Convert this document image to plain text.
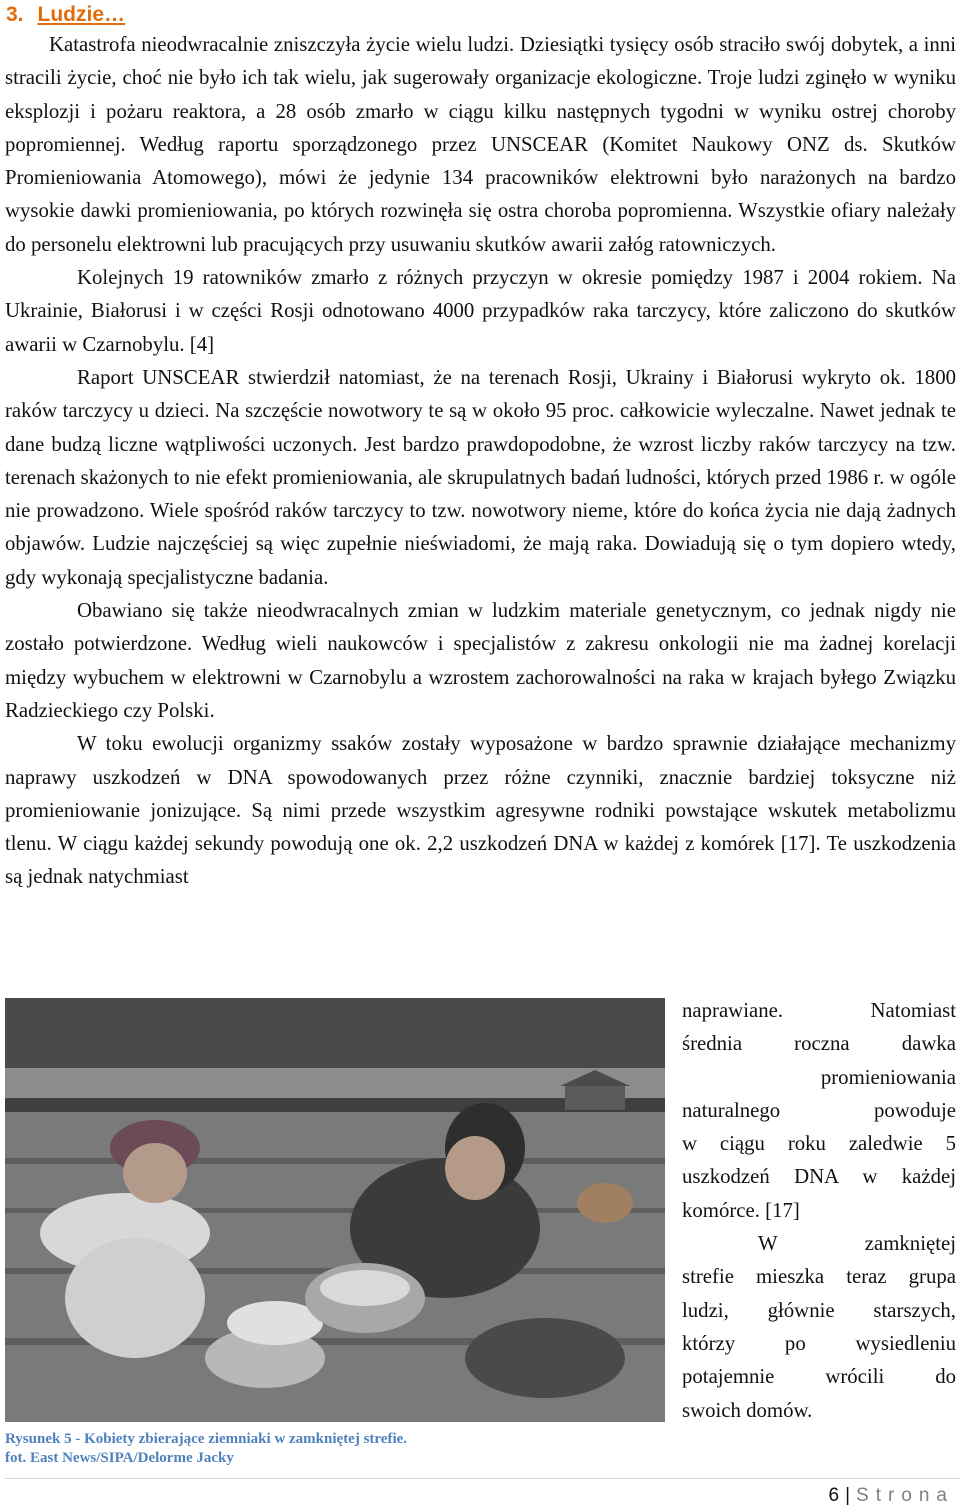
3. Ludzie…

Katastrofa nieodwracalnie zniszczyła życie wielu ludzi. Dziesiątki tysięcy osób straciło swój dobytek, a inni stracili życie, choć nie było ich tak wielu, jak sugerowały organizacje ekologiczne. Troje ludzi zginęło w wyniku eksplozji i pożaru reaktora, a 28 osób zmarło w ciągu kilku następnych tygodni w wyniku ostrej choroby popromiennej. Według raportu sporządzonego przez UNSCEAR (Komitet Naukowy ONZ ds. Skutków Promieniowania Atomowego), mówi że jedynie 134 pracowników elektrowni było narażonych na bardzo wysokie dawki promieniowania, po których rozwinęła się ostra choroba popromienna. Wszystkie ofiary należały do personelu elektrowni lub pracujących przy usuwaniu skutków awarii załóg ratowniczych.

Kolejnych 19 ratowników zmarło z różnych przyczyn w okresie pomiędzy 1987 i 2004 rokiem. Na Ukrainie, Białorusi i w części Rosji odnotowano 4000 przypadków raka tarczycy, które zaliczono do skutków awarii w Czarnobylu. [4]

Raport UNSCEAR stwierdził natomiast, że na terenach Rosji, Ukrainy i Białorusi wykryto ok. 1800 raków tarczycy u dzieci. Na szczęście nowotwory te są w około 95 proc. całkowicie wyleczalne. Nawet jednak te dane budzą liczne wątpliwości uczonych. Jest bardzo prawdopodobne, że wzrost liczby raków tarczycy na tzw. terenach skażonych to nie efekt promieniowania, ale skrupulatnych badań ludności, których przed 1986 r. w ogóle nie prowadzono. Wiele spośród raków tarczycy to tzw. nowotwory nieme, które do końca życia nie dają żadnych objawów. Ludzie najczęściej są więc zupełnie nieświadomi, że mają raka. Dowiadują się o tym dopiero wtedy, gdy wykonają specjalistyczne badania.

Obawiano się także nieodwracalnych zmian w ludzkim materiale genetycznym, co jednak nigdy nie zostało potwierdzone. Według wieli naukowców i specjalistów z zakresu onkologii nie ma żadnej korelacji między wybuchem w elektrowni w Czarnobylu a wzrostem zachorowalności na raka w krajach byłego Związku Radzieckiego czy Polski.

W toku ewolucji organizmy ssaków zostały wyposażone w bardzo sprawnie działające mechanizmy naprawy uszkodzeń w DNA spowodowanych przez różne czynniki, znacznie bardziej toksyczne niż promieniowanie jonizujące. Są nimi przede wszystkim agresywne rodniki powstające wskutek metabolizmu tlenu. W ciągu każdej sekundy powodują one ok. 2,2 uszkodzeń DNA w każdej z komórek [17]. Te uszkodzenia są jednak natychmiast

Rysunek 5 - Kobiety zbierające ziemniaki w zamkniętej strefie.
fot. East News/SIPA/Delorme Jacky

naprawiane. Natomiast

średnia roczna dawka

promieniowania

naturalnego powoduje

w ciągu roku zaledwie 5

uszkodzeń DNA w każdej

komórce. [17]

W zamkniętej

strefie mieszka teraz grupa

ludzi, głównie starszych,

którzy po wysiedleniu

potajemnie wrócili do

swoich domów.

6 | Strona
